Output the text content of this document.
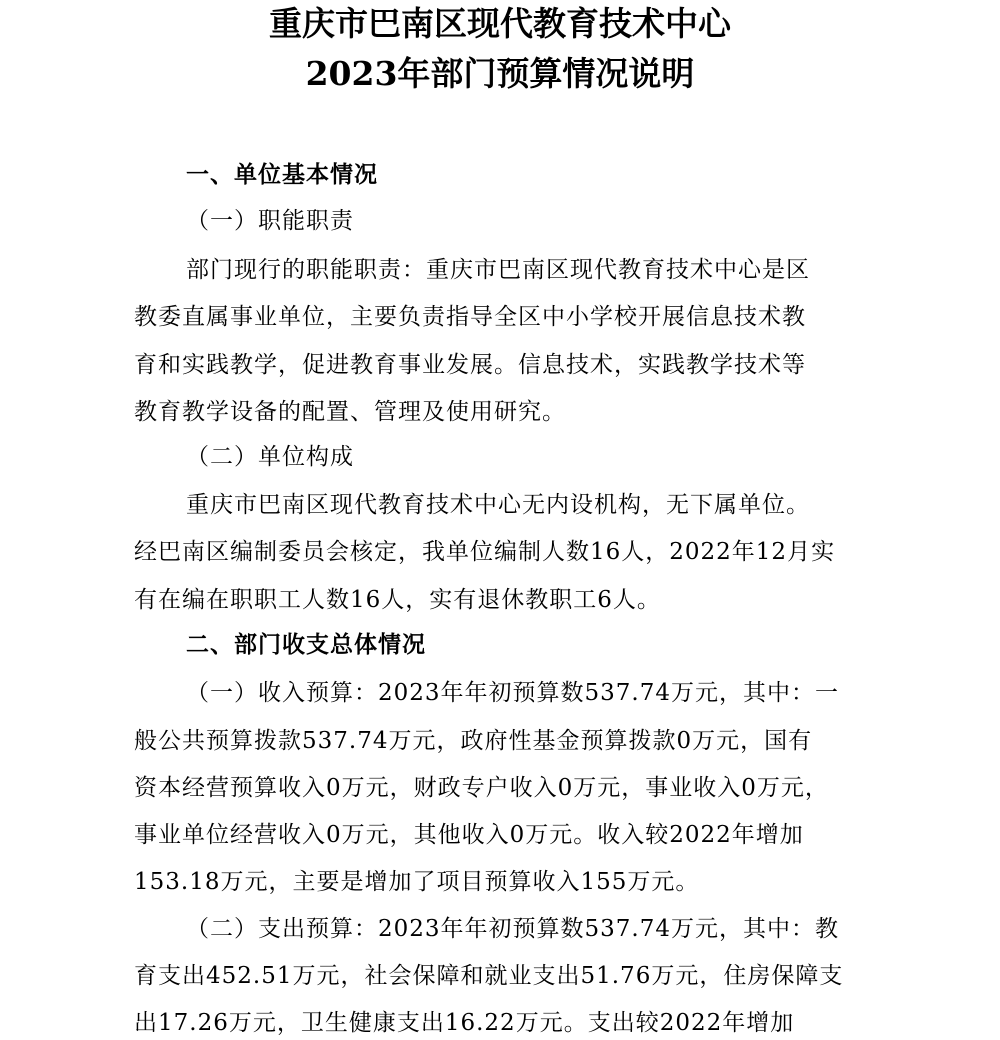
重庆市巴南区现代教育技术中心
2023年部门预算情况说明
一、单位基本情况
（一）职能职责
部门现行的职能职责：重庆市巴南区现代教育技术中心是区
教委直属事业单位，主要负责指导全区中小学校开展信息技术教
育和实践教学，促进教育事业发展。信息技术，实践教学技术等
教育教学设备的配置、管理及使用研究。
（二）单位构成
重庆市巴南区现代教育技术中心无内设机构，无下属单位。
经巴南区编制委员会核定，我单位编制人数16人，2022年12月实
有在编在职职工人数16人，实有退休教职工6人。
二、部门收支总体情况
（一）收入预算：2023年年初预算数537.74万元，其中：一
般公共预算拨款537.74万元，政府性基金预算拨款0万元，国有
资本经营预算收入0万元，财政专户收入0万元，事业收入0万元，
事业单位经营收入0万元，其他收入0万元。收入较2022年增加
153.18万元，主要是增加了项目预算收入155万元。
（二）支出预算：2023年年初预算数537.74万元，其中：教
育支出452.51万元，社会保障和就业支出51.76万元，住房保障支
出17.26万元，卫生健康支出16.22万元。支出较2022年增加
